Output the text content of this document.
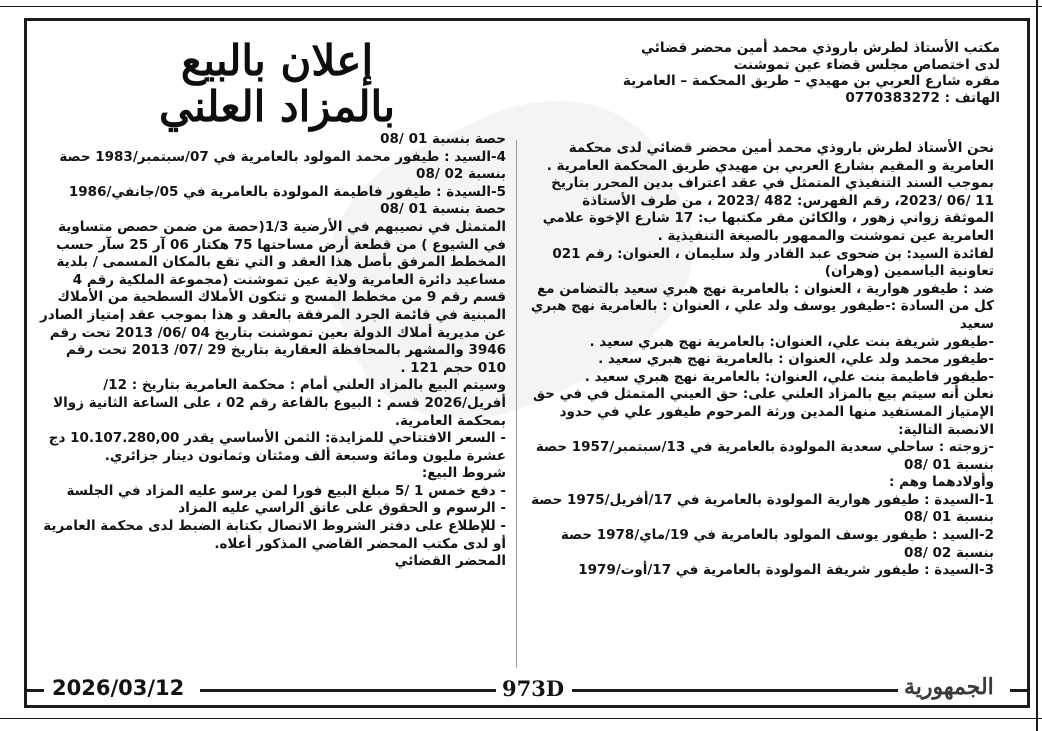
مكتب الأستاذ لطرش باروذي محمد أمين محضر قضائي

لدى اختصاص مجلس قضاء عين تموشنت

مقره شارع العربي بن مهيدي – طريق المحكمة – العامرية

الهاتف : 0770383272

إعلان بالبيع

بالمزاد العلني

نحن الأستاذ لطرش باروذي محمد أمين محضر قضائي لدى محكمة العامرية و المقيم بشارع العربي بن مهيدي طريق المحكمة العامرية .

بموجب السند التنفيذي المتمثل في عقد اعتراف بدين المحرر بتاريخ 11 /06 /2023، رقم الفهرس: 482 /2023 ، من طرف الأستاذة الموثقة زواني زهور ، والكائن مقر مكتبها ب: 17 شارع الإخوة علامي العامرية عين تموشنت والممهور بالصيغة التنفيذية .

لفائدة السيد: بن ضحوى عبد القادر ولد سليمان ، العنوان: رقم 021 تعاونية الياسمين (وهران)

ضد : طيفور هوارية ، العنوان : بالعامرية نهج هبري سعيد بالتضامن مع كل من السادة :-طيفور يوسف ولد علي ، العنوان : بالعامرية نهج هبري سعيد

-طيفور شريفة بنت علي، العنوان: بالعامرية نهج هبري سعيد .

-طيفور محمد ولد علي، العنوان : بالعامرية نهج هبري سعيد .

-طيفور فاطيمة بنت علي، العنوان: بالعامرية نهج هبري سعيد .

نعلن أنه سيتم بيع بالمزاد العلني على: حق العيني المتمثل في في حق الإمتياز المستفيد منها المدين ورثة المرحوم طيفور علي في حدود الانصبة التالية:

-زوجته : ساحلي سعدية المولودة بالعامرية في 13/سبتمبر/1957 حصة بنسبة 01 /08

وأولادهما وهم :

1-السيدة : طيفور هوارية المولودة بالعامرية في 17/أفريل/1975 حصة بنسبة 01 /08

2-السيد : طيفور يوسف المولود بالعامرية في 19/ماي/1978 حصة بنسبة 02 /08

3-السيدة : طيفور شريفة المولودة بالعامرية في 17/أوت/1979

حصة بنسبة 01 /08

4-السيد : طيفور محمد المولود بالعامرية في 07/سبتمبر/1983 حصة بنسبة 02 /08

5-السيدة : طيفور فاطيمة المولودة بالعامرية في 05/جانفي/1986 حصة بنسبة 01 /08

المتمثل في نصيبهم في الأرضية 1/3(حصة من ضمن حصص متساوية في الشيوع ) من قطعة أرض مساحتها 75 هكتار 06 آر 25 سآر حسب المخطط المرفق بأصل هذا العقد و التي تقع بالمكان المسمى / بلدية مساعيد دائرة العامرية ولاية عين تموشنت (مجموعة الملكية رقم 4 قسم رقم 9 من مخطط المسح و تتكون الأملاك السطحية من الأملاك المبنية في قائمة الجرد المرفقة بالعقد و هذا بموجب عقد إمتياز الصادر عن مديرية أملاك الدولة بعين تموشنت بتاريخ 04 /06/ 2013 تحت رقم 3946 والمشهر بالمحافظة العقارية بتاريخ 29 /07/ 2013 تحت رقم 010 حجم 121 .

وسيتم البيع بالمزاد العلني أمام : محكمة العامرية بتاريخ : 12/أفريل/2026 قسم : البيوع بالقاعة رقم 02 ، على الساعة الثانية زوالا بمحكمة العامرية.

- السعر الافتتاحي للمزايدة: الثمن الأساسي يقدر 10.107.280,00 دج عشرة مليون ومائة وسبعة ألف ومئتان وثمانون دينار جزائري.

شروط البيع:

- دفع خمس 1 /5 مبلغ البيع فورا لمن يرسو عليه المزاد في الجلسة

- الرسوم و الحقوق على عاتق الراسي عليه المزاد

- للإطلاع على دفتر الشروط الاتصال بكتابة الضبط لدى محكمة العامرية أو لدى مكتب المحضر القاضي المذكور أعلاه.

المحضر القضائي

2026/03/12	973D	الجمهورية
